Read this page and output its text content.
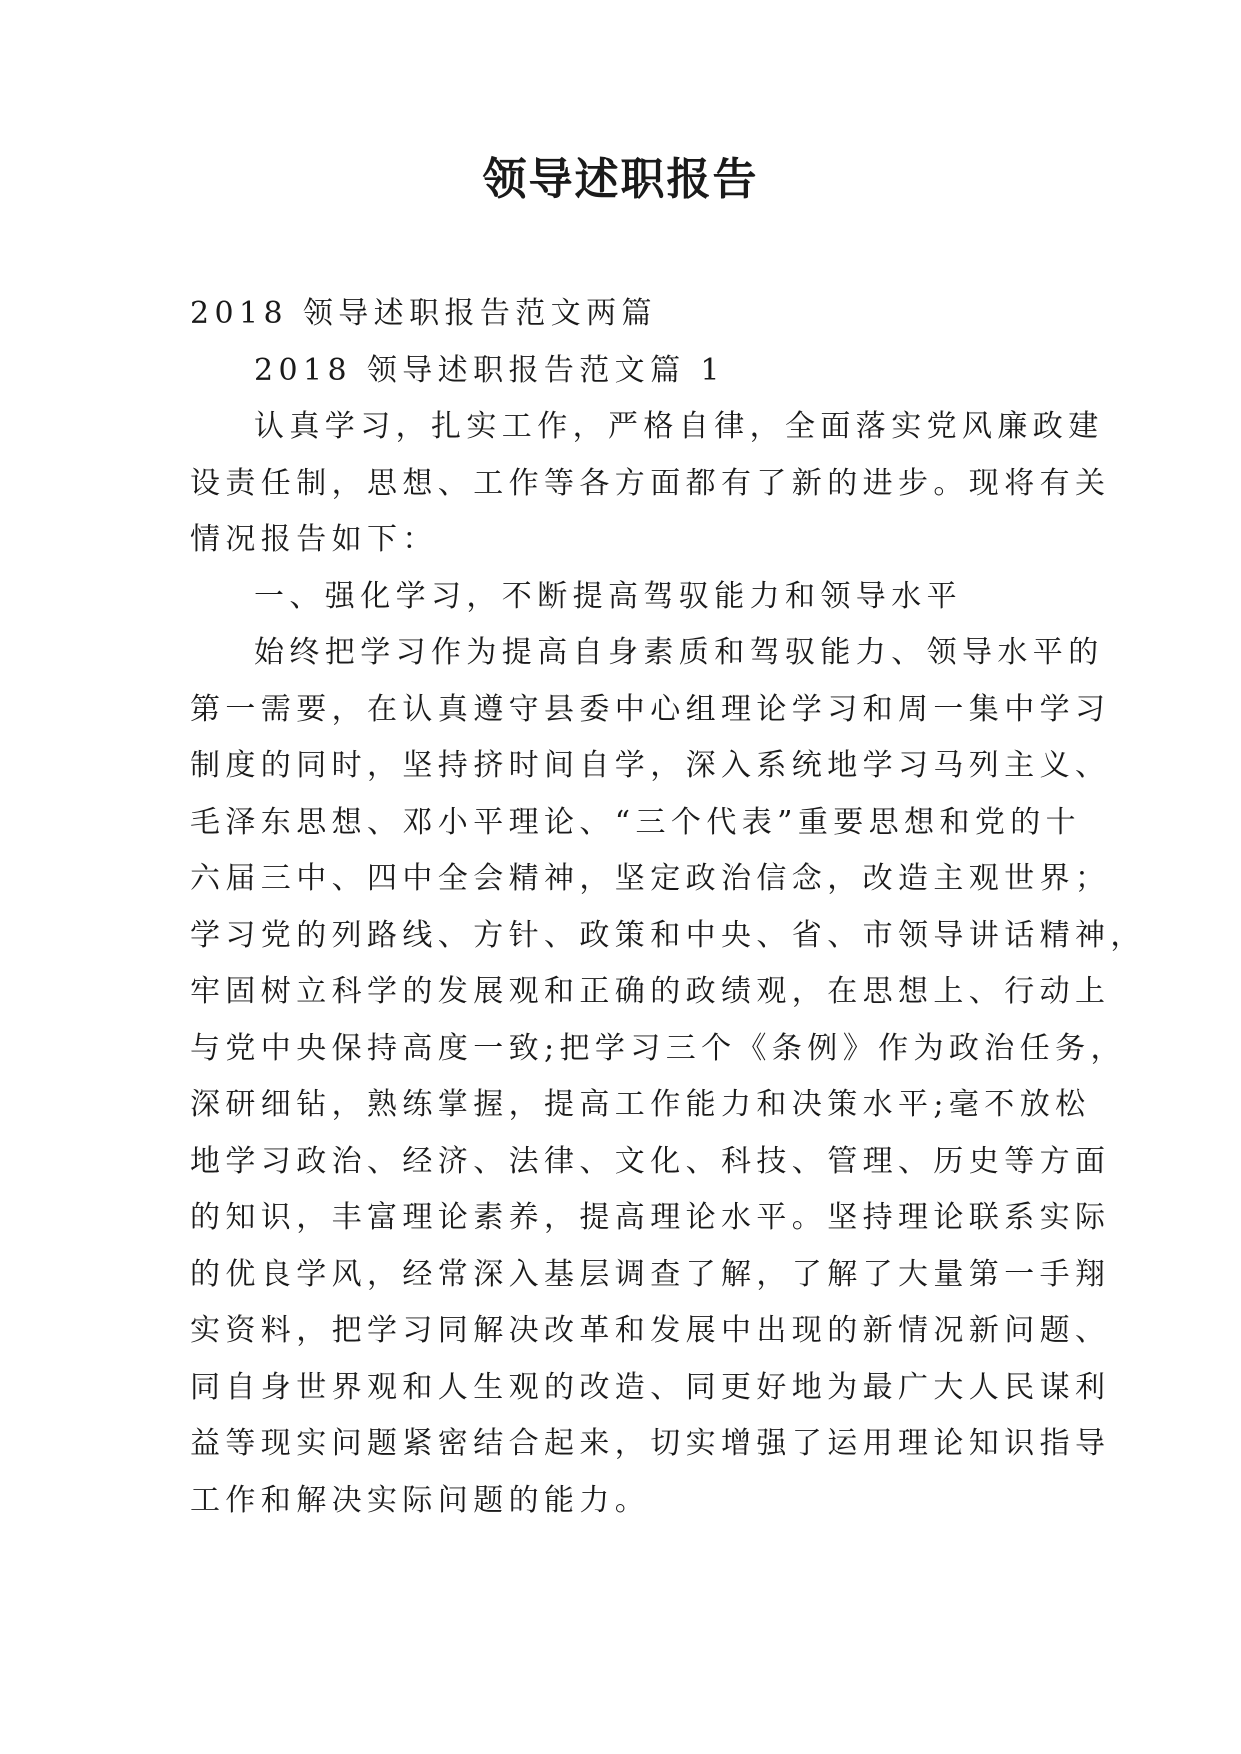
领导述职报告
2018 领导述职报告范文两篇
2018 领导述职报告范文篇 1
认真学习，扎实工作，严格自律，全面落实党风廉政建
设责任制，思想、工作等各方面都有了新的进步。现将有关
情况报告如下：
一、强化学习，不断提高驾驭能力和领导水平
始终把学习作为提高自身素质和驾驭能力、领导水平的
第一需要，在认真遵守县委中心组理论学习和周一集中学习
制度的同时，坚持挤时间自学，深入系统地学习马列主义、
毛泽东思想、邓小平理论、“三个代表”重要思想和党的十
六届三中、四中全会精神，坚定政治信念，改造主观世界；
学习党的列路线、方针、政策和中央、省、市领导讲话精神，
牢固树立科学的发展观和正确的政绩观，在思想上、行动上
与党中央保持高度一致;把学习三个《条例》作为政治任务，
深研细钻，熟练掌握，提高工作能力和决策水平;毫不放松
地学习政治、经济、法律、文化、科技、管理、历史等方面
的知识，丰富理论素养，提高理论水平。坚持理论联系实际
的优良学风，经常深入基层调查了解，了解了大量第一手翔
实资料，把学习同解决改革和发展中出现的新情况新问题、
同自身世界观和人生观的改造、同更好地为最广大人民谋利
益等现实问题紧密结合起来，切实增强了运用理论知识指导
工作和解决实际问题的能力。
